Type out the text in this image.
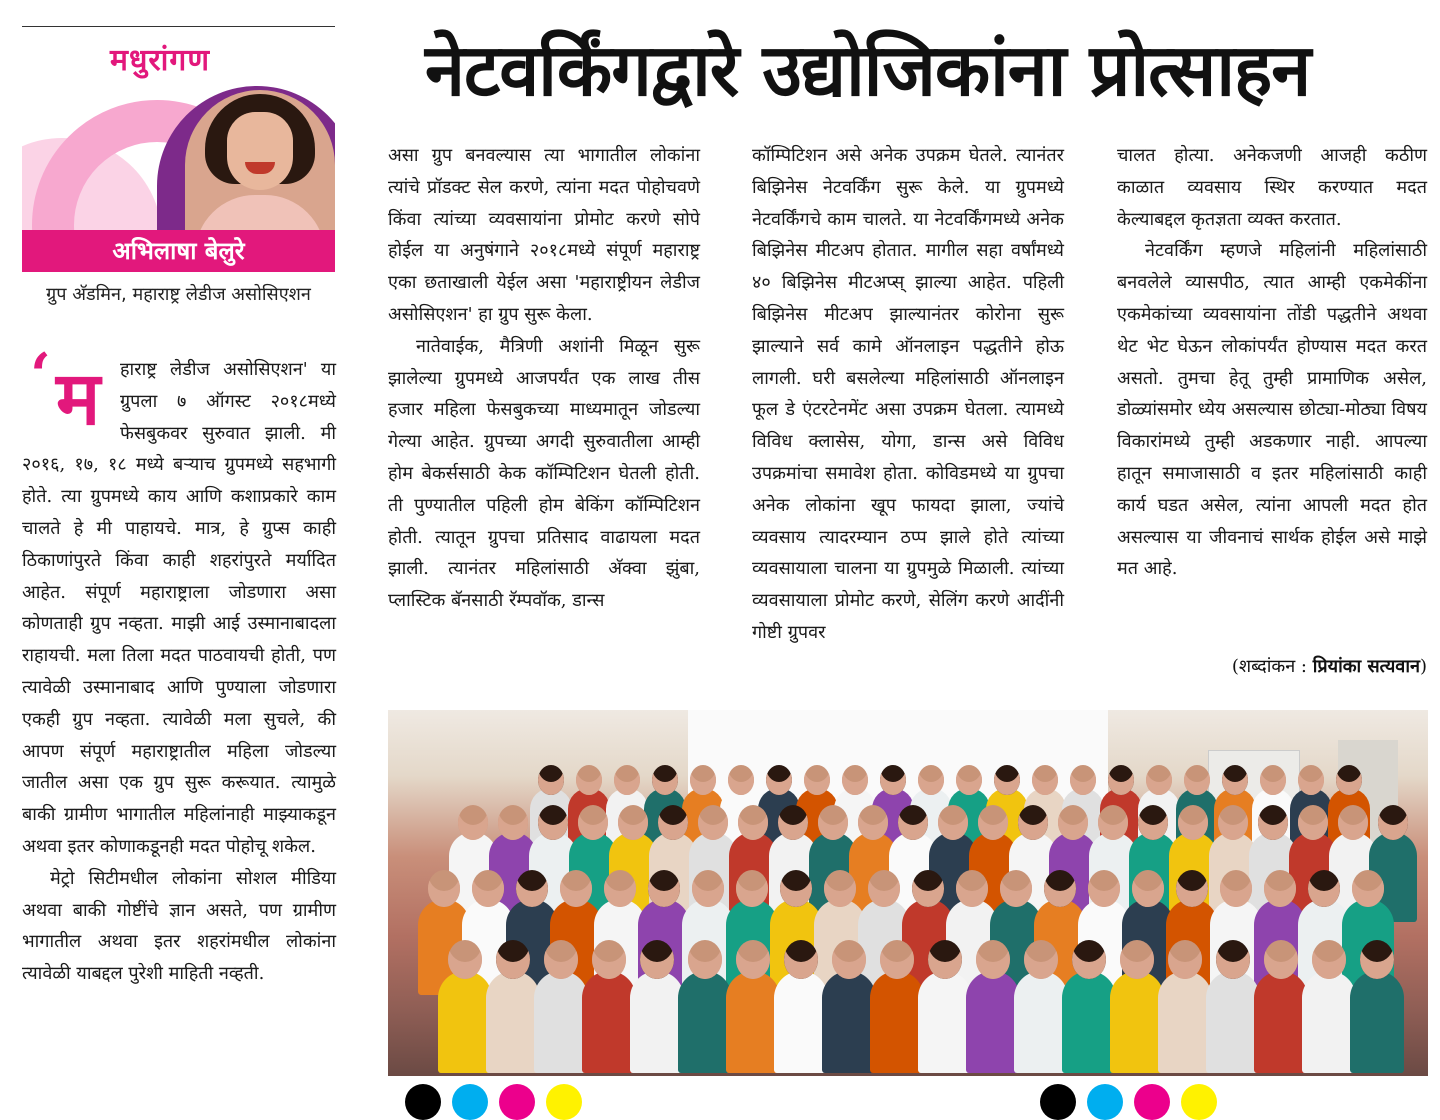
मधुरांगण
अभिलाषा बेलुरे
ग्रुप अ‍ॅडमिन, महाराष्ट्र लेडीज असोसिएशन
नेटवर्किंगद्वारे उद्योजिकांना प्रोत्साहन
‘ म	हाराष्ट्र लेडीज असोसिएशन' या ग्रुपला ७ ऑगस्ट २०१८मध्ये फेसबुकवर सुरुवात झाली. मी २०१६, १७, १८ मध्ये बऱ्याच ग्रुपमध्ये सहभागी होते. त्या ग्रुपमध्ये काय आणि कशाप्रकारे काम चालते हे मी पाहायचे. मात्र, हे ग्रुप्स काही ठिकाणांपुरते किंवा काही शहरांपुरते मर्यादित आहेत. संपूर्ण महाराष्ट्राला जोडणारा असा कोणताही ग्रुप नव्हता. माझी आई उस्मानाबादला राहायची. मला तिला मदत पाठवायची होती, पण त्यावेळी उस्मानाबाद आणि पुण्याला जोडणारा एकही ग्रुप नव्हता. त्यावेळी मला सुचले, की आपण संपूर्ण महाराष्ट्रातील महिला जोडल्या जातील असा एक ग्रुप सुरू करूयात. त्यामुळे बाकी ग्रामीण भागातील महिलांनाही माझ्याकडून अथवा इतर कोणाकडूनही मदत पोहोचू शकेल.

मेट्रो सिटीमधील लोकांना सोशल मीडिया अथवा बाकी गोष्टींचे ज्ञान असते, पण ग्रामीण भागातील अथवा इतर शहरांमधील लोकांना त्यावेळी याबद्दल पुरेशी माहिती नव्हती.

असा ग्रुप बनवल्यास त्या भागातील लोकांना त्यांचे प्रॉडक्ट सेल करणे, त्यांना मदत पोहोचवणे किंवा त्यांच्या व्यवसायांना प्रोमोट करणे सोपे होईल या अनुषंगाने २०१८मध्ये संपूर्ण महाराष्ट्र एका छताखाली येईल असा 'महाराष्ट्रीयन लेडीज असोसिएशन' हा ग्रुप सुरू केला.

नातेवाईक, मैत्रिणी अशांनी मिळून सुरू झालेल्या ग्रुपमध्ये आजपर्यंत एक लाख तीस हजार महिला फेसबुकच्या माध्यमातून जोडल्या गेल्या आहेत. ग्रुपच्या अगदी सुरुवातीला आम्ही होम बेकर्ससाठी केक कॉम्पिटिशन घेतली होती. ती पुण्यातील पहिली होम बेकिंग कॉम्पिटिशन होती. त्यातून ग्रुपचा प्रतिसाद वाढायला मदत झाली. त्यानंतर महिलांसाठी अ‍ॅक्वा झुंबा, प्लास्टिक बॅनसाठी रॅम्पवॉक, डान्स

कॉम्पिटिशन असे अनेक उपक्रम घेतले. त्यानंतर बिझिनेस नेटवर्किंग सुरू केले. या ग्रुपमध्ये नेटवर्किंगचे काम चालते. या नेटवर्किंगमध्ये अनेक बिझिनेस मीटअप होतात. मागील सहा वर्षांमध्ये ४० बिझिनेस मीटअप्स् झाल्या आहेत. पहिली बिझिनेस मीटअप झाल्यानंतर कोरोना सुरू झाल्याने सर्व कामे ऑनलाइन पद्धतीने होऊ लागली. घरी बसलेल्या महिलांसाठी ऑनलाइन फूल डे एंटरटेनमेंट असा उपक्रम घेतला. त्यामध्ये विविध क्लासेस, योगा, डान्स असे विविध उपक्रमांचा समावेश होता. कोविडमध्ये या ग्रुपचा अनेक लोकांना खूप फायदा झाला, ज्यांचे व्यवसाय त्यादरम्यान ठप्प झाले होते त्यांच्या व्यवसायाला चालना या ग्रुपमुळे मिळाली. त्यांच्या व्यवसायाला प्रोमोट करणे, सेलिंग करणे आदींनी गोष्टी ग्रुपवर

चालत होत्या. अनेकजणी आजही कठीण काळात व्यवसाय स्थिर करण्यात मदत केल्याबद्दल कृतज्ञता व्यक्त करतात.

नेटवर्किंग म्हणजे महिलांनी महिलांसाठी बनवलेले व्यासपीठ, त्यात आम्ही एकमेकींना एकमेकांच्या व्यवसायांना तोंडी पद्धतीने अथवा थेट भेट घेऊन लोकांपर्यंत होण्यास मदत करत असतो. तुमचा हेतू तुम्ही प्रामाणिक असेल, डोळ्यांसमोर ध्येय असल्यास छोट्या-मोठ्या विषय विकारांमध्ये तुम्ही अडकणार नाही. आपल्या हातून समाजासाठी व इतर महिलांसाठी काही कार्य घडत असेल, त्यांना आपली मदत होत असल्यास या जीवनाचं सार्थक होईल असे माझे मत आहे.

(शब्दांकन : प्रियांका सत्यवान)
